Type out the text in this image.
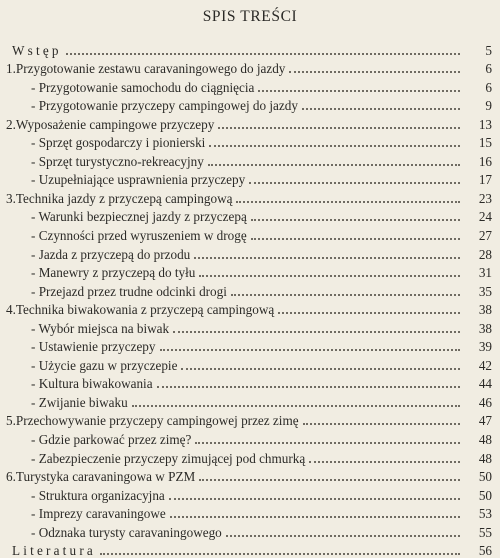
SPIS TREŚCI
Wstęp	5
1.Przygotowanie zestawu caravaningowego do jazdy	6
- Przygotowanie samochodu do ciągnięcia	6
- Przygotowanie przyczepy campingowej do jazdy	9
2.Wyposażenie campingowe przyczepy	13
- Sprzęt gospodarczy i pionierski	15
- Sprzęt turystyczno-rekreacyjny	16
- Uzupełniające usprawnienia przyczepy	17
3.Technika jazdy z przyczepą campingową	23
- Warunki bezpiecznej jazdy z przyczepą	24
- Czynności przed wyruszeniem w drogę	27
- Jazda z przyczepą do przodu	28
- Manewry z przyczepą do tyłu	31
- Przejazd przez trudne odcinki drogi	35
4.Technika biwakowania z przyczepą campingową	38
- Wybór miejsca na biwak	38
- Ustawienie przyczepy	39
- Użycie gazu w przyczepie	42
- Kultura biwakowania	44
- Zwijanie biwaku	46
5.Przechowywanie przyczepy campingowej przez zimę	47
- Gdzie parkować przez zimę?	48
- Zabezpieczenie przyczepy zimującej pod chmurką	48
6.Turystyka caravaningowa w PZM	50
- Struktura organizacyjna	50
- Imprezy caravaningowe	53
- Odznaka turysty caravaningowego	55
Literatura	56
